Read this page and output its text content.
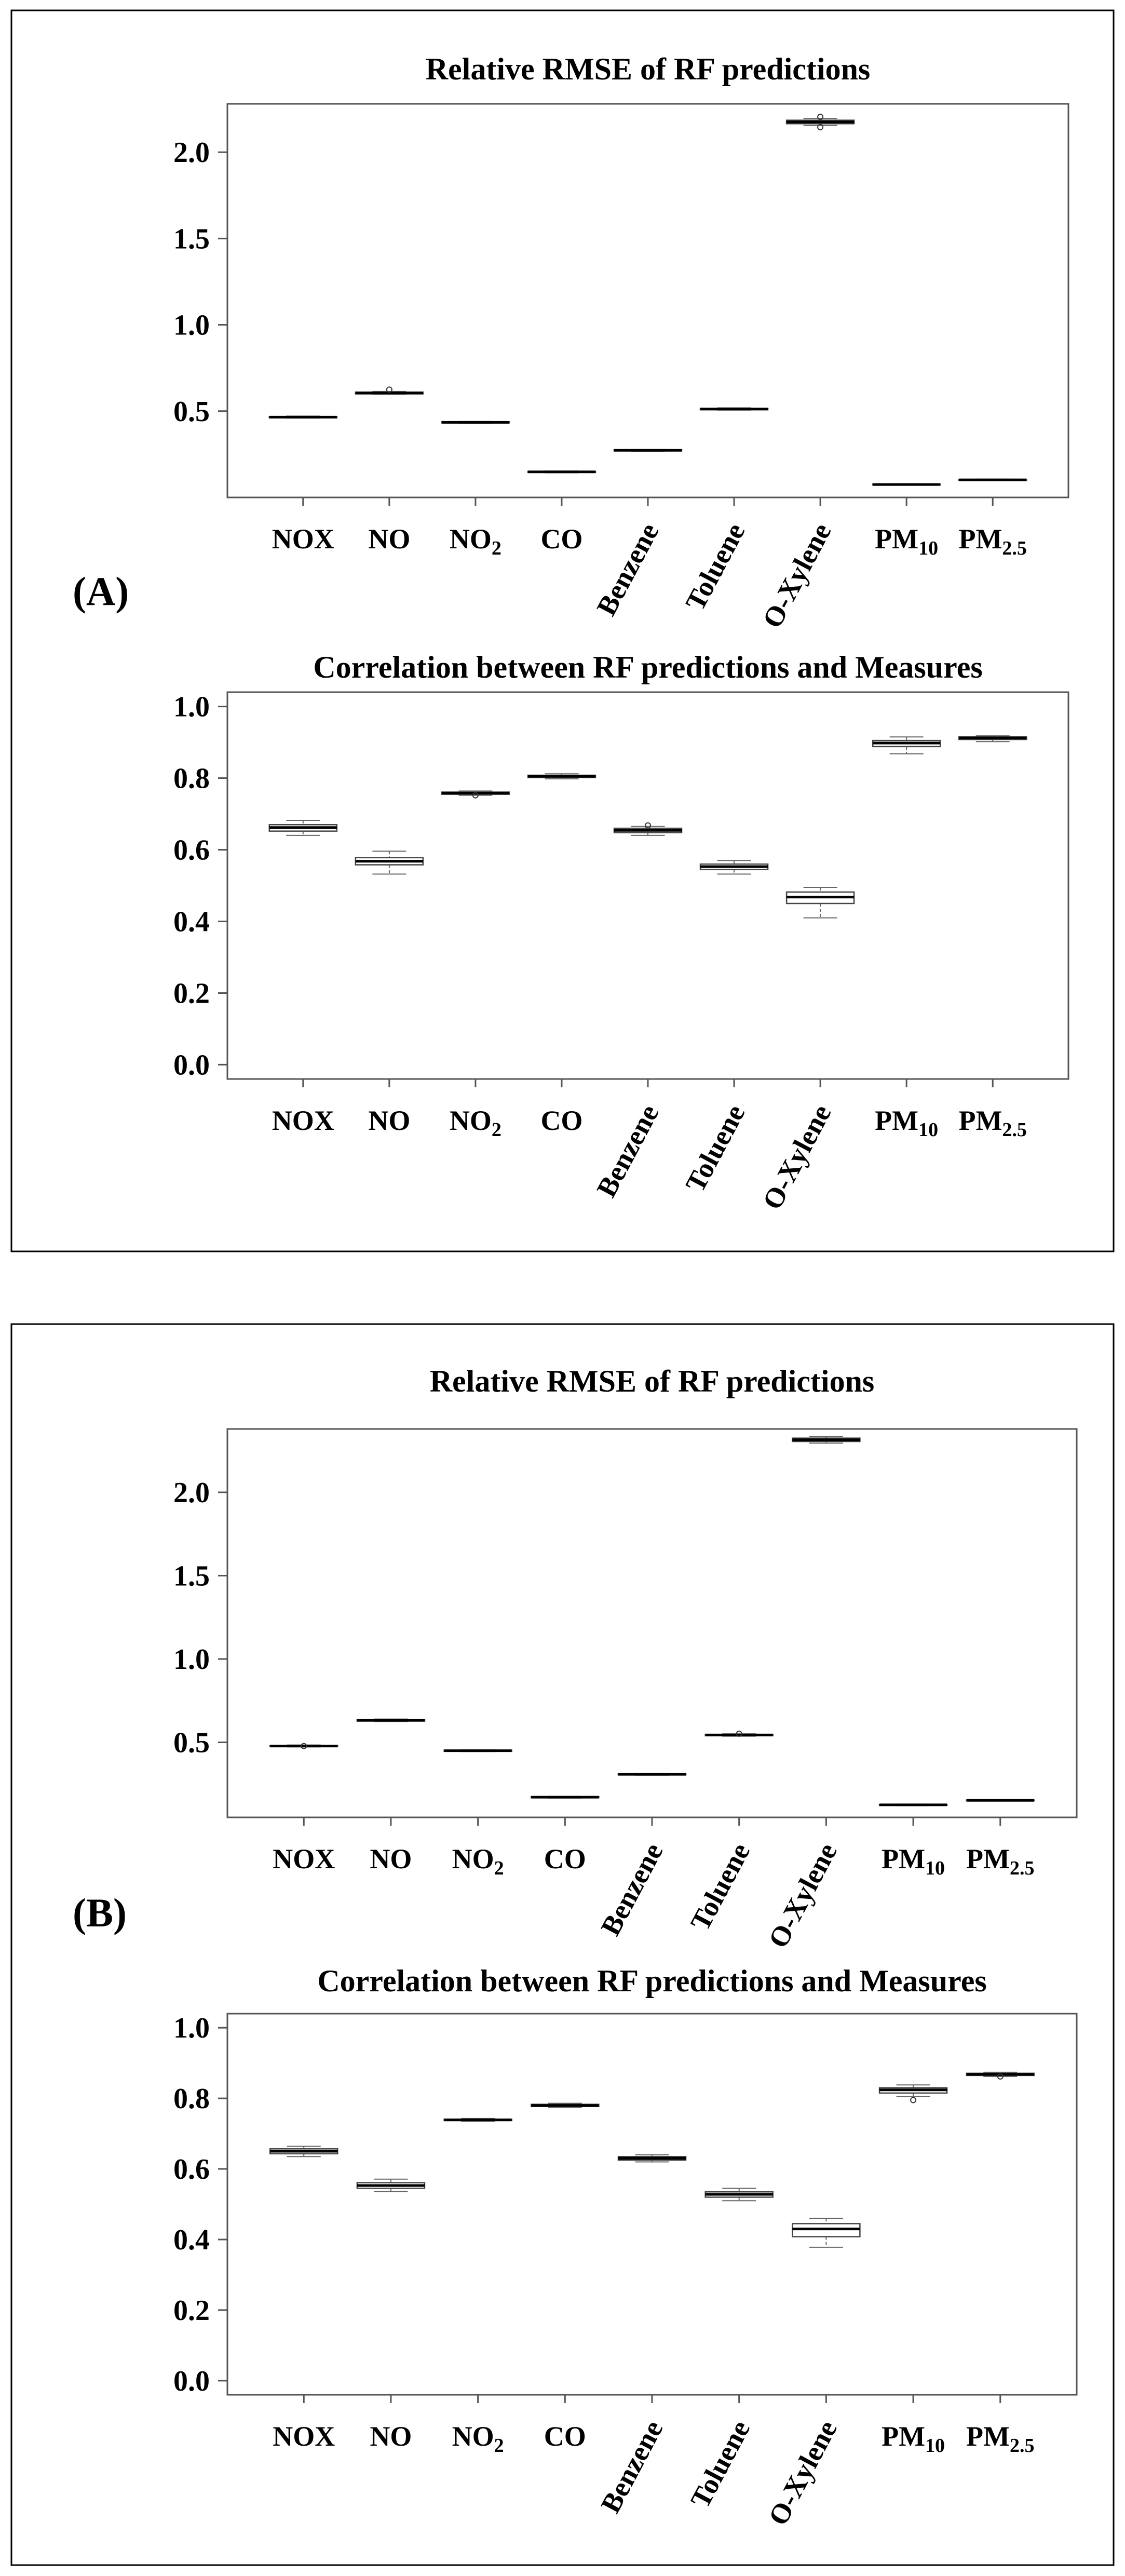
(A)
(B)
Relative RMSE of RF predictions
0.5
1.0
1.5
2.0
NOX NO $NO_2$ CO Benzene Toluene O-Xylene $PM_{10}$ $PM_{2.5}$
Correlation between RF predictions and Measures
0.0
0.2
0.4
0.6
0.8
1.0
NOX NO $NO_2$ CO Benzene Toluene O-Xylene $PM_{10}$ $PM_{2.5}$
Relative RMSE of RF predictions
0.5
1.0
1.5
2.0
NOX NO $NO_2$ CO Benzene Toluene O-Xylene $PM_{10}$ $PM_{2.5}$
Correlation between RF predictions and Measures
0.0
0.2
0.4
0.6
0.8
1.0
NOX NO $NO_2$ CO Benzene Toluene O-Xylene $PM_{10}$ $PM_{2.5}$
